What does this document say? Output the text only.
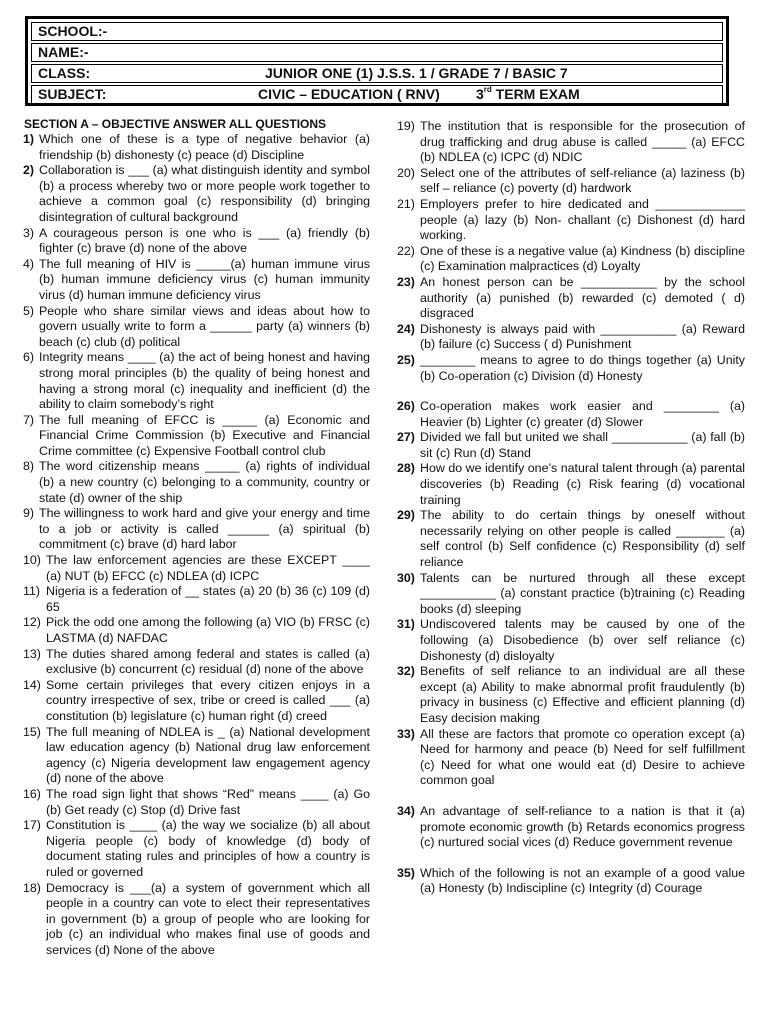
SCHOOL:-
NAME:-
CLASS:	JUNIOR ONE (1) J.S.S. 1 / GRADE 7 / BASIC 7
SUBJECT:	CIVIC – EDUCATION ( RNV)	3rd TERM EXAM
SECTION A – OBJECTIVE ANSWER ALL QUESTIONS

1) Which one of these is a type of negative behavior (a) friendship (b) dishonesty (c) peace (d) Discipline

2) Collaboration is ___ (a) what distinguish identity and symbol (b) a process whereby two or more people work together to achieve a common goal (c) responsibility (d) bringing disintegration of cultural background

3) A courageous person is one who is ___ (a) friendly (b) fighter (c) brave (d) none of the above

4) The full meaning of HIV is _____(a) human immune virus (b) human immune deficiency virus (c) human immunity virus (d) human immune deficiency virus

5) People who share similar views and ideas about how to govern usually write to form a ______ party (a) winners (b) beach (c) club (d) political

6) Integrity means ____ (a) the act of being honest and having strong moral principles (b) the quality of being honest and having a strong moral (c) inequality and inefficient (d) the ability to claim somebody’s right

7) The full meaning of EFCC is _____ (a) Economic and Financial Crime Commission (b) Executive and Financial Crime committee (c) Expensive Football control club

8) The word citizenship means _____ (a) rights of individual (b) a new country (c) belonging to a community, country or state (d) owner of the ship

9) The willingness to work hard and give your energy and time to a job or activity is called ______ (a) spiritual (b) commitment (c) brave (d) hard labor

10) The law enforcement agencies are these EXCEPT ____ (a) NUT (b) EFCC (c) NDLEA (d) ICPC

11) Nigeria is a federation of __ states (a) 20 (b) 36 (c) 109 (d) 65

12) Pick the odd one among the following (a) VIO (b) FRSC (c) LASTMA (d) NAFDAC

13) The duties shared among federal and states is called (a) exclusive (b) concurrent (c) residual (d) none of the above

14) Some certain privileges that every citizen enjoys in a country irrespective of sex, tribe or creed is called ___ (a) constitution (b) legislature (c) human right (d) creed

15) The full meaning of NDLEA is _ (a) National development law education agency (b) National drug law enforcement agency (c) Nigeria development law engagement agency (d) none of the above

16) The road sign light that shows “Red” means ____ (a) Go (b) Get ready (c) Stop (d) Drive fast

17) Constitution is ____ (a) the way we socialize (b) all about Nigeria people (c) body of knowledge (d) body of document stating rules and principles of how a country is ruled or governed

18) Democracy is ___(a) a system of government which all people in a country can vote to elect their representatives in government (b) a group of people who are looking for job (c) an individual who makes final use of goods and services (d) None of the above

19) The institution that is responsible for the prosecution of drug trafficking and drug abuse is called _____ (a) EFCC (b) NDLEA (c) ICPC (d) NDIC

20) Select one of the attributes of self-reliance (a) laziness (b) self – reliance (c) poverty (d) hardwork

21) Employers prefer to hire dedicated and _____________ people (a) lazy (b) Non- challant (c) Dishonest (d) hard working.

22) One of these is a negative value (a) Kindness (b) discipline (c) Examination malpractices (d) Loyalty

23) An honest person can be ___________ by the school authority (a) punished (b) rewarded (c) demoted ( d) disgraced

24) Dishonesty is always paid with ___________ (a) Reward (b) failure (c) Success ( d) Punishment

25) ________ means to agree to do things together (a) Unity (b) Co-operation (c) Division (d) Honesty

26) Co-operation makes work easier and ________ (a) Heavier (b) Lighter (c) greater (d) Slower

27) Divided we fall but united we shall ___________ (a) fall (b) sit (c) Run (d) Stand

28) How do we identify one’s natural talent through (a) parental discoveries (b) Reading (c) Risk fearing (d) vocational training

29) The ability to do certain things by oneself without necessarily relying on other people is called _______ (a) self control (b) Self confidence (c) Responsibility (d) self reliance

30) Talents can be nurtured through all these except ___________ (a) constant practice (b)training (c) Reading books (d) sleeping

31) Undiscovered talents may be caused by one of the following (a) Disobedience (b) over self reliance (c) Dishonesty (d) disloyalty

32) Benefits of self reliance to an individual are all these except (a) Ability to make abnormal profit fraudulently (b) privacy in business (c) Effective and efficient planning (d) Easy decision making

33) All these are factors that promote co operation except (a) Need for harmony and peace (b) Need for self fulfillment (c) Need for what one would eat (d) Desire to achieve common goal

34) An advantage of self-reliance to a nation is that it (a) promote economic growth (b) Retards economics progress (c) nurtured social vices (d) Reduce government revenue

35) Which of the following is not an example of a good value (a) Honesty (b) Indiscipline (c) Integrity (d) Courage
